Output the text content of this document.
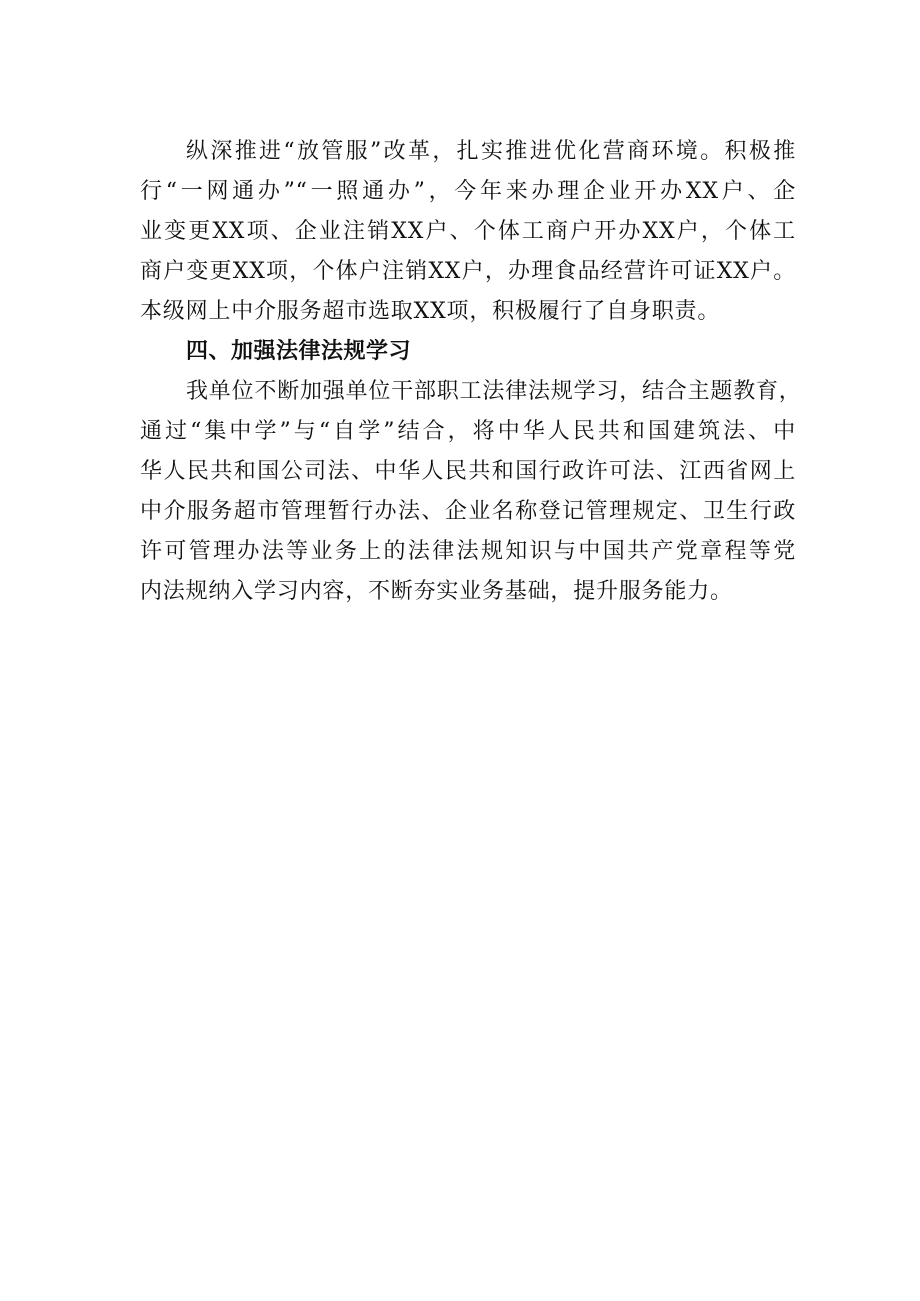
纵深推进“放管服”改革，扎实推进优化营商环境。积极推
行“一网通办”“一照通办”，今年来办理企业开办XX户、企
业变更XX项、企业注销XX户、个体工商户开办XX户，个体工
商户变更XX项，个体户注销XX户，办理食品经营许可证XX户。
本级网上中介服务超市选取XX项，积极履行了自身职责。
四、加强法律法规学习
我单位不断加强单位干部职工法律法规学习，结合主题教育，
通过“集中学”与“自学”结合，将中华人民共和国建筑法、中
华人民共和国公司法、中华人民共和国行政许可法、江西省网上
中介服务超市管理暂行办法、企业名称登记管理规定、卫生行政
许可管理办法等业务上的法律法规知识与中国共产党章程等党
内法规纳入学习内容，不断夯实业务基础，提升服务能力。
